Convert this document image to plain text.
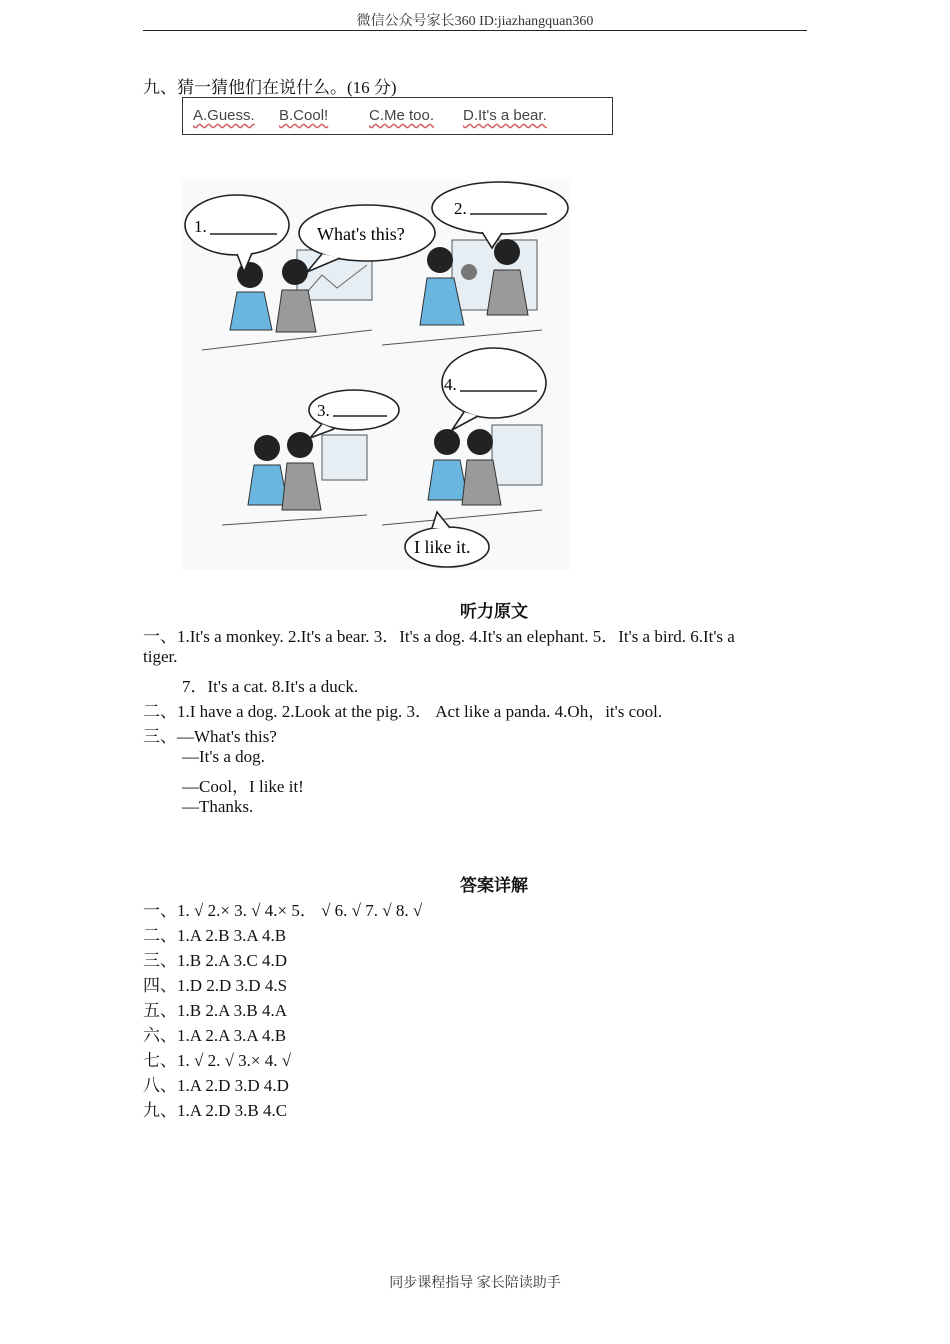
微信公众号家长360 ID:jiazhangquan360
九、猜一猜他们在说什么。(16 分)
A.Guess. B.Cool!	C.Me too. D.It's a bear.
1.	What's this?
2.
3.
4.
I like it.
听力原文
一、1.It's a monkey. 2.It's a bear. 3．It's a dog. 4.It's an elephant. 5．It's a bird. 6.It's a
tiger.
7．It's a cat. 8.It's a duck.
二、1.I have a dog. 2.Look at the pig. 3． Act like a panda. 4.Oh，it's cool.
三、—What's this?
—It's a dog.
—Cool，I like it!
—Thanks.
答案详解
一、1. √ 2.× 3. √ 4.× 5． √ 6. √ 7. √ 8. √
二、1.A 2.B 3.A 4.B
三、1.B 2.A 3.C 4.D
四、1.D 2.D 3.D 4.S
五、1.B 2.A 3.B 4.A
六、1.A 2.A 3.A 4.B
七、1. √ 2. √ 3.× 4. √
八、1.A 2.D 3.D 4.D
九、1.A 2.D 3.B 4.C
同步课程指导 家长陪读助手
